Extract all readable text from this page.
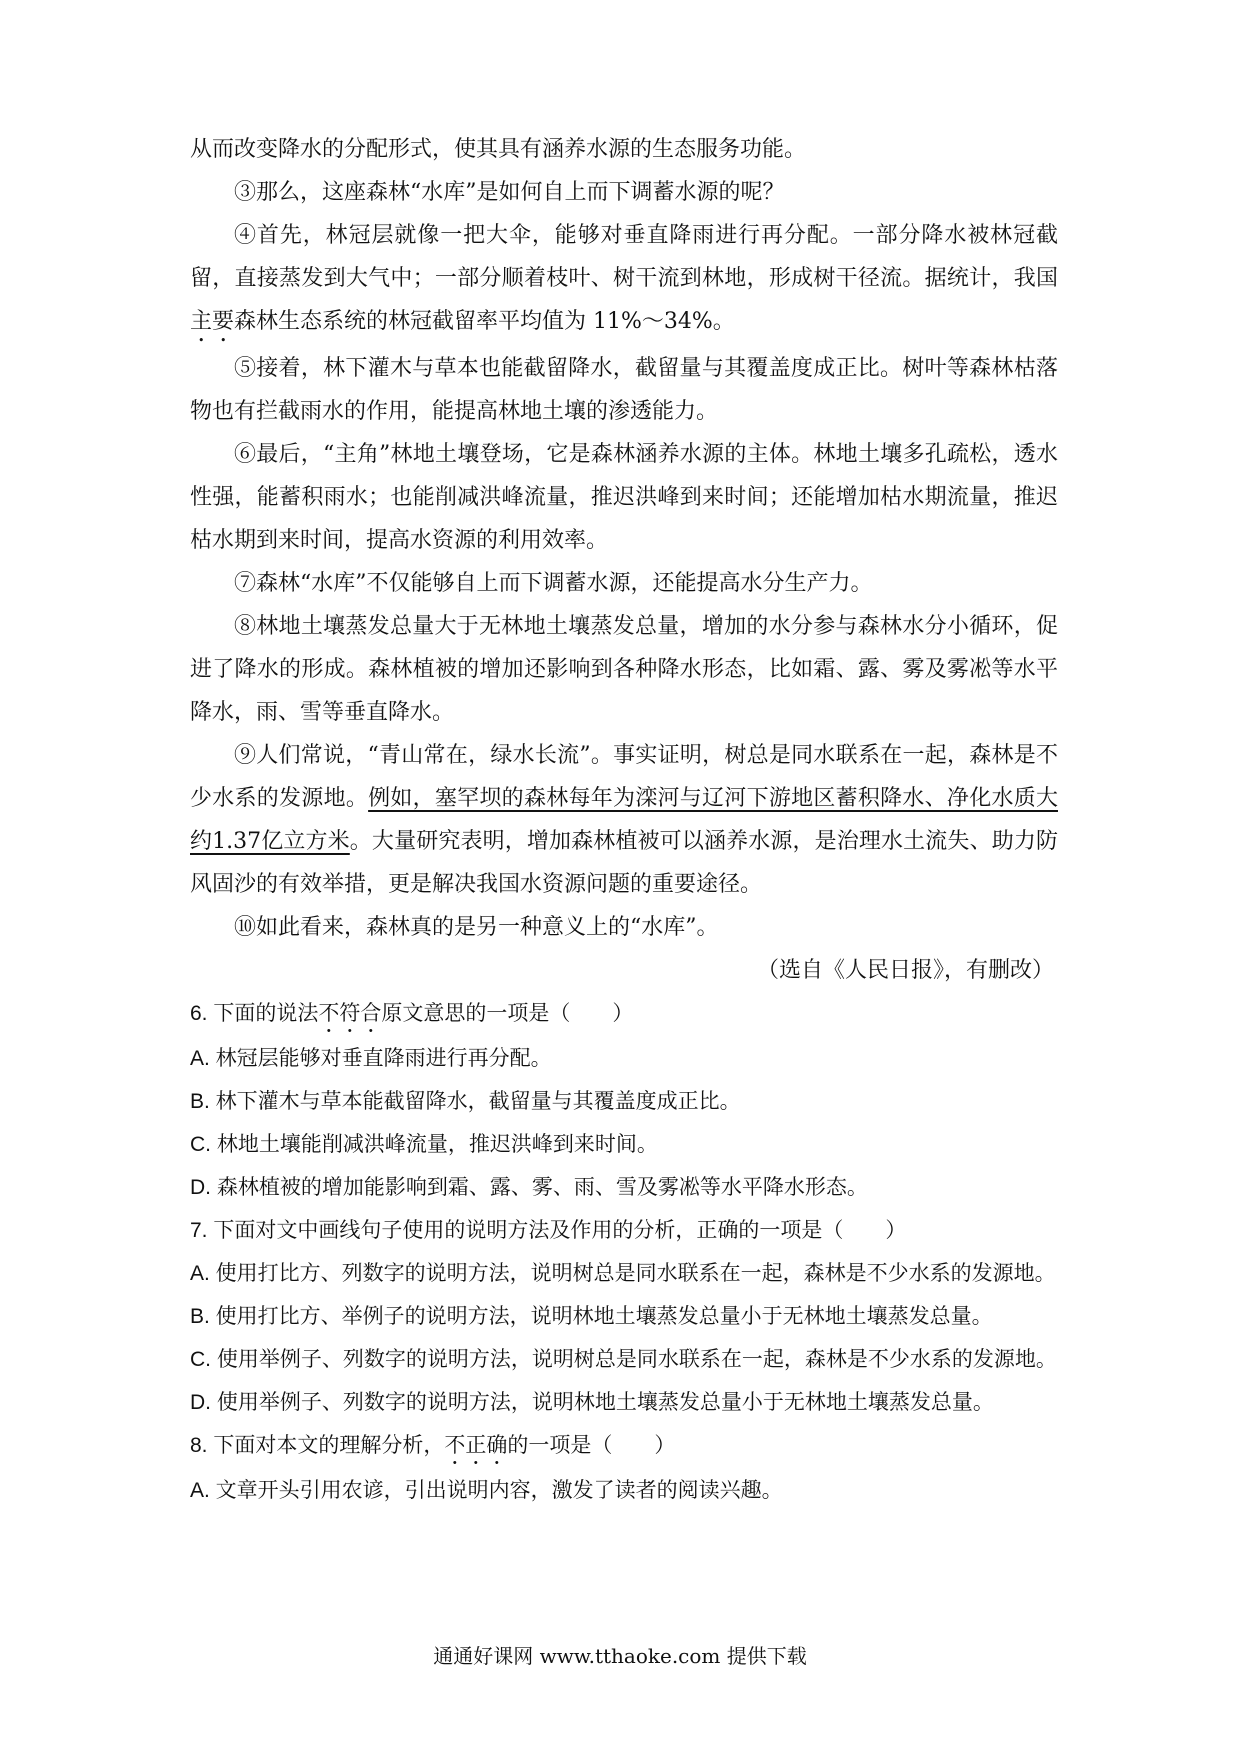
从而改变降水的分配形式，使其具有涵养水源的生态服务功能。

③那么，这座森林“水库”是如何自上而下调蓄水源的呢？

④首先，林冠层就像一把大伞，能够对垂直降雨进行再分配。一部分降水被林冠截留，直接蒸发到大气中；一部分顺着枝叶、树干流到林地，形成树干径流。据统计，我国主要森林生态系统的林冠截留率平均值为 11%～34%。

⑤接着，林下灌木与草本也能截留降水，截留量与其覆盖度成正比。树叶等森林枯落物也有拦截雨水的作用，能提高林地土壤的渗透能力。

⑥最后，“主角”林地土壤登场，它是森林涵养水源的主体。林地土壤多孔疏松，透水性强，能蓄积雨水；也能削减洪峰流量，推迟洪峰到来时间；还能增加枯水期流量，推迟枯水期到来时间，提高水资源的利用效率。

⑦森林“水库”不仅能够自上而下调蓄水源，还能提高水分生产力。

⑧林地土壤蒸发总量大于无林地土壤蒸发总量，增加的水分参与森林水分小循环，促进了降水的形成。森林植被的增加还影响到各种降水形态，比如霜、露、雾及雾凇等水平降水，雨、雪等垂直降水。

⑨人们常说，“青山常在，绿水长流”。事实证明，树总是同水联系在一起，森林是不少水系的发源地。例如，塞罕坝的森林每年为滦河与辽河下游地区蓄积降水、净化水质大约1.37亿立方米。大量研究表明，增加森林植被可以涵养水源，是治理水土流失、助力防风固沙的有效举措，更是解决我国水资源问题的重要途径。

⑩如此看来，森林真的是另一种意义上的“水库”。

（选自《人民日报》，有删改）

6. 下面的说法不符合原文意思的一项是（　　）

A. 林冠层能够对垂直降雨进行再分配。

B. 林下灌木与草本能截留降水，截留量与其覆盖度成正比。

C. 林地土壤能削减洪峰流量，推迟洪峰到来时间。

D. 森林植被的增加能影响到霜、露、雾、雨、雪及雾凇等水平降水形态。

7. 下面对文中画线句子使用的说明方法及作用的分析，正确的一项是（　　）

A. 使用打比方、列数字的说明方法，说明树总是同水联系在一起，森林是不少水系的发源地。

B. 使用打比方、举例子的说明方法，说明林地土壤蒸发总量小于无林地土壤蒸发总量。

C. 使用举例子、列数字的说明方法，说明树总是同水联系在一起，森林是不少水系的发源地。

D. 使用举例子、列数字的说明方法，说明林地土壤蒸发总量小于无林地土壤蒸发总量。

8. 下面对本文的理解分析，不正确的一项是（　　）

A. 文章开头引用农谚，引出说明内容，激发了读者的阅读兴趣。

通通好课网 www.tthaoke.com 提供下载
